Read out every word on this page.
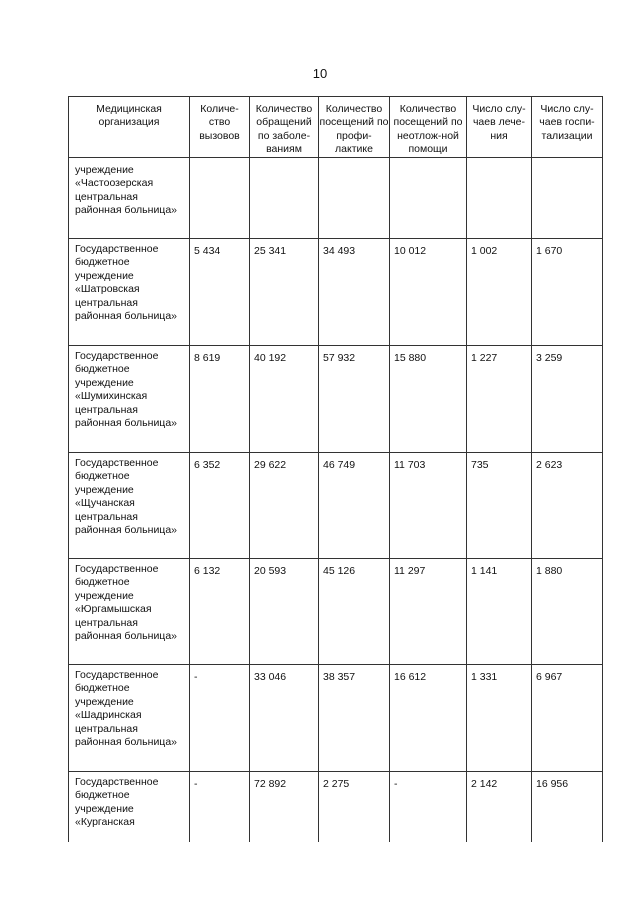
10
Медицинская организация	Количе-ство вызовов	Количество обращений по заболе-ваниям	Количество посещений по профи-лактике	Количество посещений по неотлож-ной помощи	Число слу-чаев лече-ния	Число слу-чаев госпи-тализации
учреждение «Частоозерская центральная районная больница»						
Государственное бюджетное учреждение «Шатровская центральная районная больница»	5 434	25 341	34 493	10 012	1 002	1 670
Государственное бюджетное учреждение «Шумихинская центральная районная больница»	8 619	40 192	57 932	15 880	1 227	3 259
Государственное бюджетное учреждение «Щучанская центральная районная больница»	6 352	29 622	46 749	11 703	735	2 623
Государственное бюджетное учреждение «Юргамышская центральная районная больница»	6 132	20 593	45 126	11 297	1 141	1 880
Государственное бюджетное учреждение «Шадринская центральная районная больница»	-	33 046	38 357	16 612	1 331	6 967
Государственное бюджетное учреждение «Курганская	-	72 892	2 275	-	2 142	16 956
